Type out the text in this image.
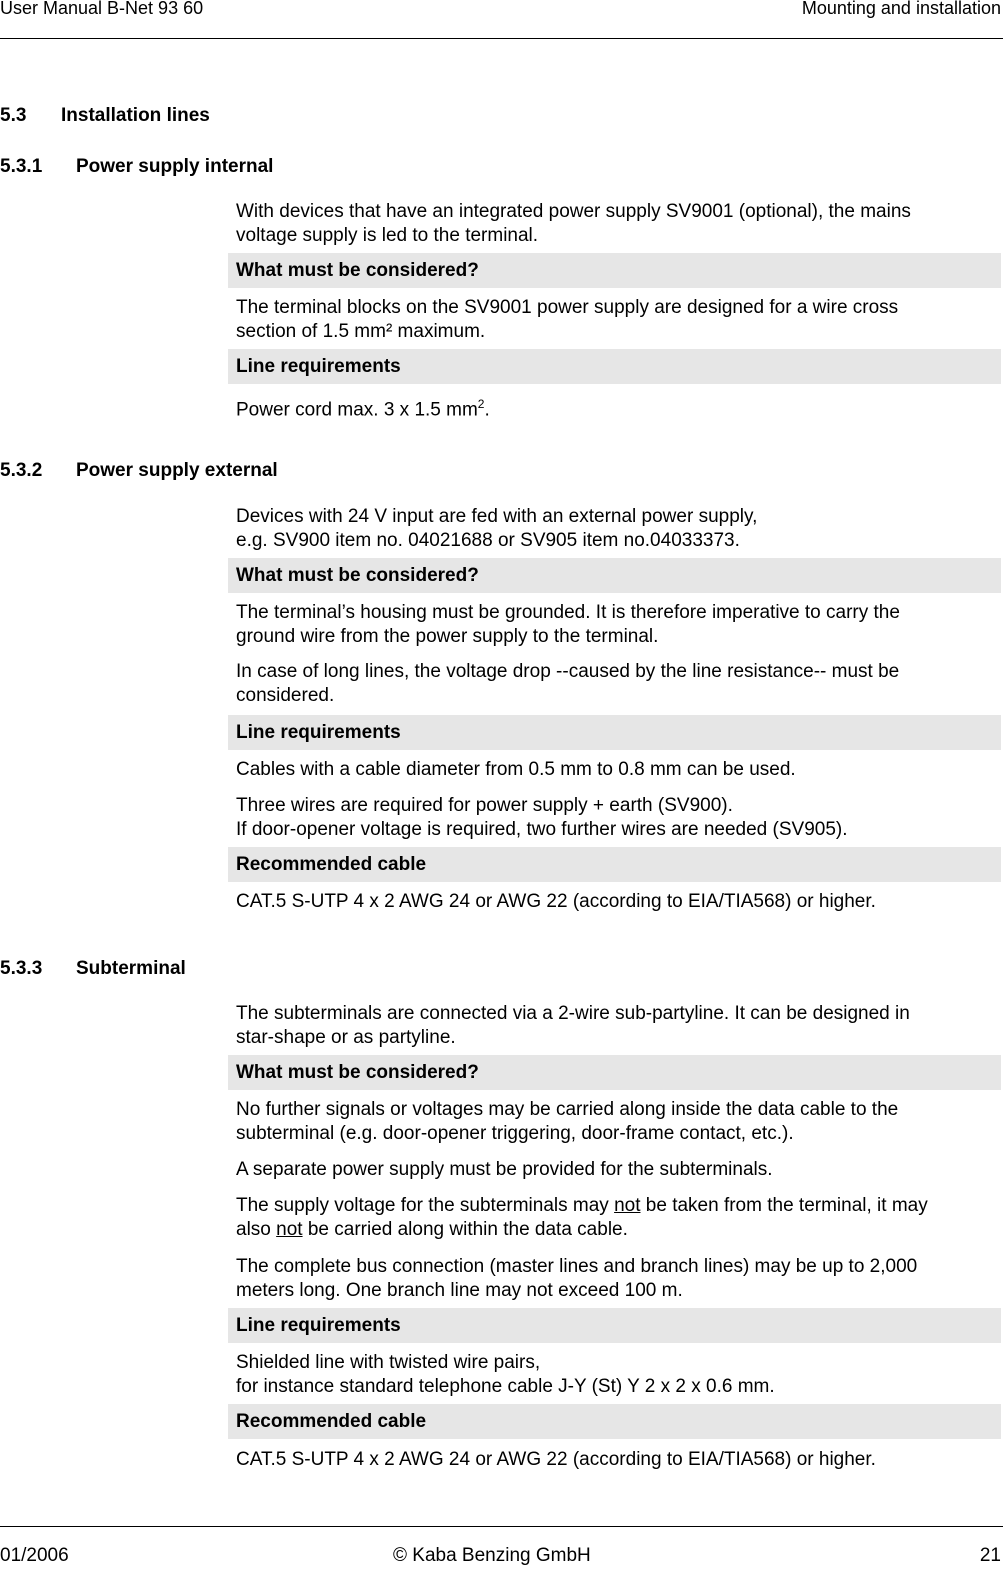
User Manual B-Net 93 60	Mounting and installation
5.3 Installation lines
5.3.1 Power supply internal
With devices that have an integrated power supply SV9001 (optional), the mains
voltage supply is led to the terminal.
What must be considered?
The terminal blocks on the SV9001 power supply are designed for a wire cross
section of 1.5 mm² maximum.
Line requirements
Power cord max. 3 x 1.5 $mm^2$.
5.3.2 Power supply external
Devices with 24 V input are fed with an external power supply,
e.g. SV900 item no. 04021688 or SV905 item no.04033373.
What must be considered?
The terminal’s housing must be grounded. It is therefore imperative to carry the
ground wire from the power supply to the terminal.
In case of long lines, the voltage drop --caused by the line resistance-- must be
considered.
Line requirements
Cables with a cable diameter from 0.5 mm to 0.8 mm can be used.
Three wires are required for power supply + earth (SV900).
If door-opener voltage is required, two further wires are needed (SV905).
Recommended cable
CAT.5 S-UTP 4 x 2 AWG 24 or AWG 22 (according to EIA/TIA568) or higher.
5.3.3 Subterminal
The subterminals are connected via a 2-wire sub-partyline. It can be designed in
star-shape or as partyline.
What must be considered?
No further signals or voltages may be carried along inside the data cable to the
subterminal (e.g. door-opener triggering, door-frame contact, etc.).
A separate power supply must be provided for the subterminals.
The supply voltage for the subterminals may not be taken from the terminal, it may
also not be carried along within the data cable.
The complete bus connection (master lines and branch lines) may be up to 2,000
meters long. One branch line may not exceed 100 m.
Line requirements
Shielded line with twisted wire pairs,
for instance standard telephone cable J-Y (St) Y 2 x 2 x 0.6 mm.
Recommended cable
CAT.5 S-UTP 4 x 2 AWG 24 or AWG 22 (according to EIA/TIA568) or higher.
01/2006	© Kaba Benzing GmbH	21
